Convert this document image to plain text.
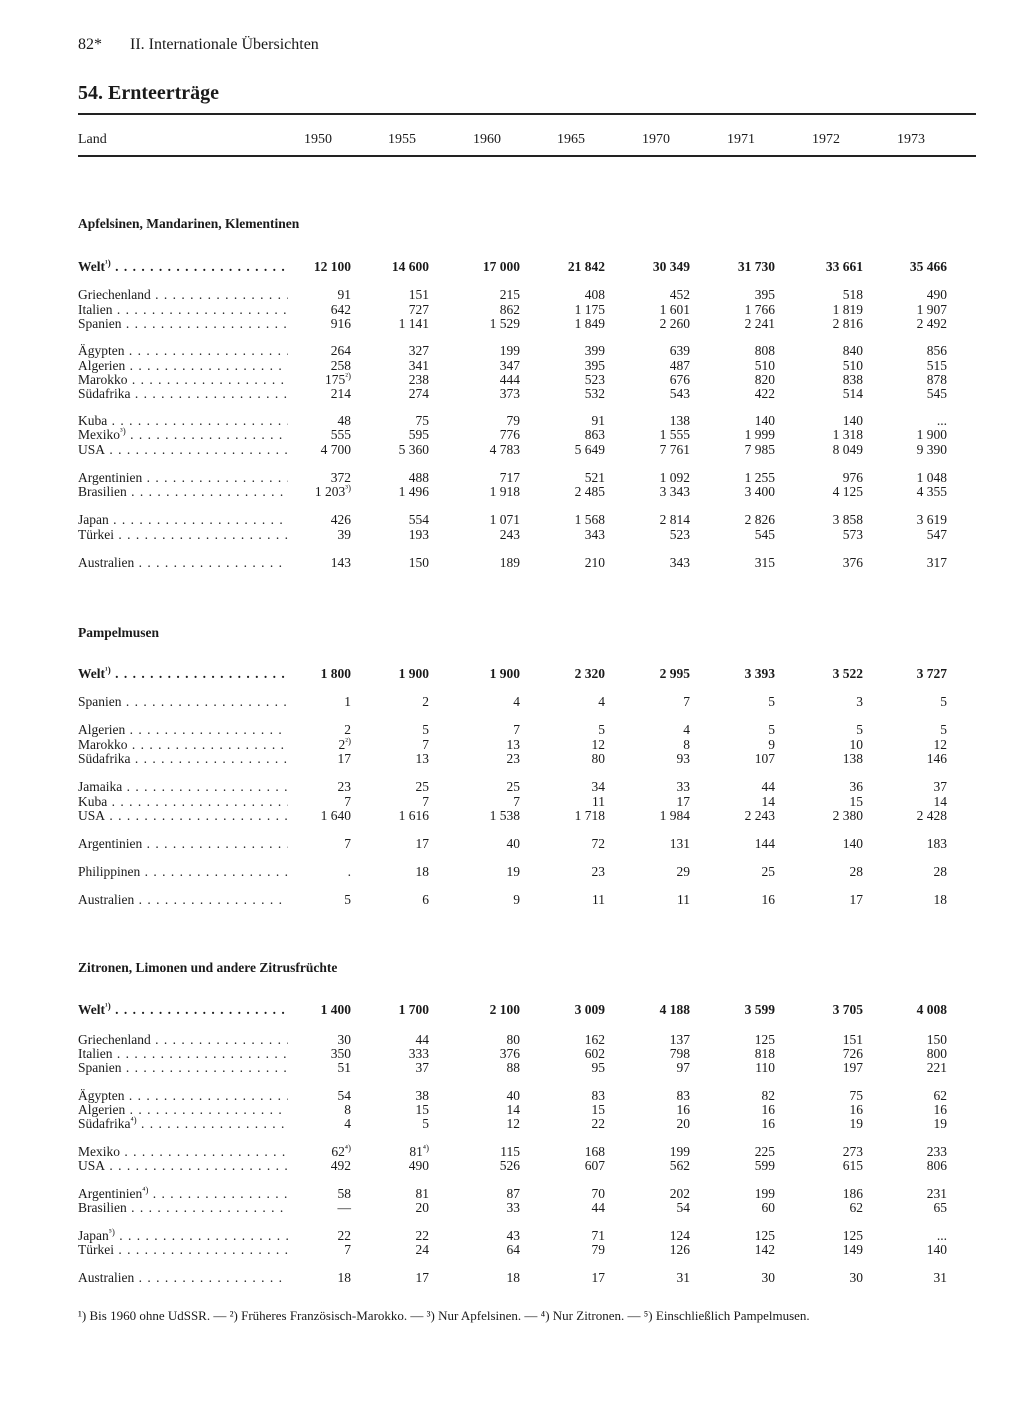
82* II. Internationale Übersichten
54. Ernteerträge
Land	1950	1955	1960	1965	1970	1971	1972	1973
Apfelsinen, Mandarinen, Klementinen
Welt$^{^1)}$ . . .	12 100	14 600	17 000	21 842	30 349	31 730	33 661	35 466
Griechenland . . .	91	151	215	408	452	395	518	490
Italien . . .	642	727	862	1 175	1 601	1 766	1 819	1 907
Spanien . . .	916	1 141	1 529	1 849	2 260	2 241	2 816	2 492
Ägypten . . .	264	327	199	399	639	808	840	856
Algerien . . .	258	341	347	395	487	510	510	515
Marokko . . .	$175^{^2)}$	238	444	523	676	820	838	878
Südafrika . . .	214	274	373	532	543	422	514	545
Kuba . . .	48	75	79	91	138	140	140	...
Mexiko$^{^3)}$ . . .	555	595	776	863	1 555	1 999	1 318	1 900
USA . . .	4 700	5 360	4 783	5 649	7 761	7 985	8 049	9 390
Argentinien . . .	372	488	717	521	1 092	1 255	976	1 048
Brasilien . . .	1 $203^{^3)}$	1 496	1 918	2 485	3 343	3 400	4 125	4 355
Japan . . .	426	554	1 071	1 568	2 814	2 826	3 858	3 619
Türkei . . .	39	193	243	343	523	545	573	547
Australien . . .	143	150	189	210	343	315	376	317
Pampelmusen
Welt$^{^1)}$ . . .	1 800	1 900	1 900	2 320	2 995	3 393	3 522	3 727
Spanien . . .	1	2	4	4	7	5	3	5
Algerien . . .	2	5	7	5	4	5	5	5
Marokko . . .	$2^{^2)}$	7	13	12	8	9	10	12
Südafrika . . .	17	13	23	80	93	107	138	146
Jamaika . . .	23	25	25	34	33	44	36	37
Kuba . . .	7	7	7	11	17	14	15	14
USA . . .	1 640	1 616	1 538	1 718	1 984	2 243	2 380	2 428
Argentinien . . .	7	17	40	72	131	144	140	183
Philippinen . . .	.	18	19	23	29	25	28	28
Australien . . .	5	6	9	11	11	16	17	18
Zitronen, Limonen und andere Zitrusfrüchte
Welt$^{^1)}$ . . .	1 400	1 700	2 100	3 009	4 188	3 599	3 705	4 008
Griechenland . . .	30	44	80	162	137	125	151	150
Italien . . .	350	333	376	602	798	818	726	800
Spanien . . .	51	37	88	95	97	110	197	221
Ägypten . . .	54	38	40	83	83	82	75	62
Algerien . . .	8	15	14	15	16	16	16	16
Südafrika$^{^4)}$ . . .	4	5	12	22	20	16	19	19
Mexiko . . .	$62^{^4)}$	$81^{^4)}$	115	168	199	225	273	233
USA . . .	492	490	526	607	562	599	615	806
Argentinien$^{^4)}$ . . .	58	81	87	70	202	199	186	231
Brasilien . . .	—	20	33	44	54	60	62	65
Japan$^{^5)}$ . . .	22	22	43	71	124	125	125	...
Türkei . . .	7	24	64	79	126	142	149	140
Australien . . .	18	17	18	17	31	30	30	31
¹) Bis 1960 ohne UdSSR. — ²) Früheres Französisch-Marokko. — ³) Nur Apfelsinen. — ⁴) Nur Zitronen. — ⁵) Einschließlich Pampelmusen.
